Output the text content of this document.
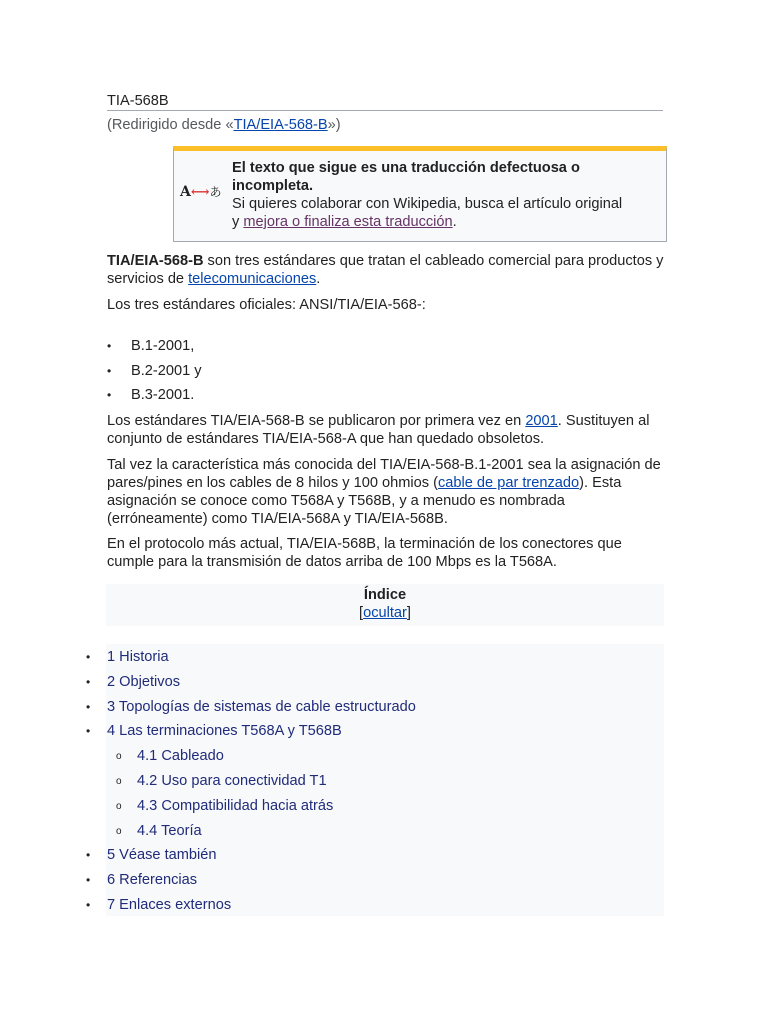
TIA-568B
(Redirigido desde «TIA/EIA-568-B»)
A⟷あ
El texto que sigue es una traducción defectuosa o incompleta.
Si quieres colaborar con Wikipedia, busca el artículo original
y mejora o finaliza esta traducción.
TIA/EIA-568-B son tres estándares que tratan el cableado comercial para productos y servicios de telecomunicaciones.
Los tres estándares oficiales: ANSI/TIA/EIA-568-:
• B.1-2001,
• B.2-2001 y
• B.3-2001.
Los estándares TIA/EIA-568-B se publicaron por primera vez en 2001. Sustituyen al conjunto de estándares TIA/EIA-568-A que han quedado obsoletos.
Tal vez la característica más conocida del TIA/EIA-568-B.1-2001 sea la asignación de pares/pines en los cables de 8 hilos y 100 ohmios (cable de par trenzado). Esta asignación se conoce como T568A y T568B, y a menudo es nombrada (erróneamente) como TIA/EIA-568A y TIA/EIA-568B.
En el protocolo más actual, TIA/EIA-568B, la terminación de los conectores que cumple para la transmisión de datos arriba de 100 Mbps es la T568A.
Índice
[ocultar]
• 1 Historia
• 2 Objetivos
• 3 Topologías de sistemas de cable estructurado
• 4 Las terminaciones T568A y T568B
o 4.1 Cableado
o 4.2 Uso para conectividad T1
o 4.3 Compatibilidad hacia atrás
o 4.4 Teoría
• 5 Véase también
• 6 Referencias
• 7 Enlaces externos
